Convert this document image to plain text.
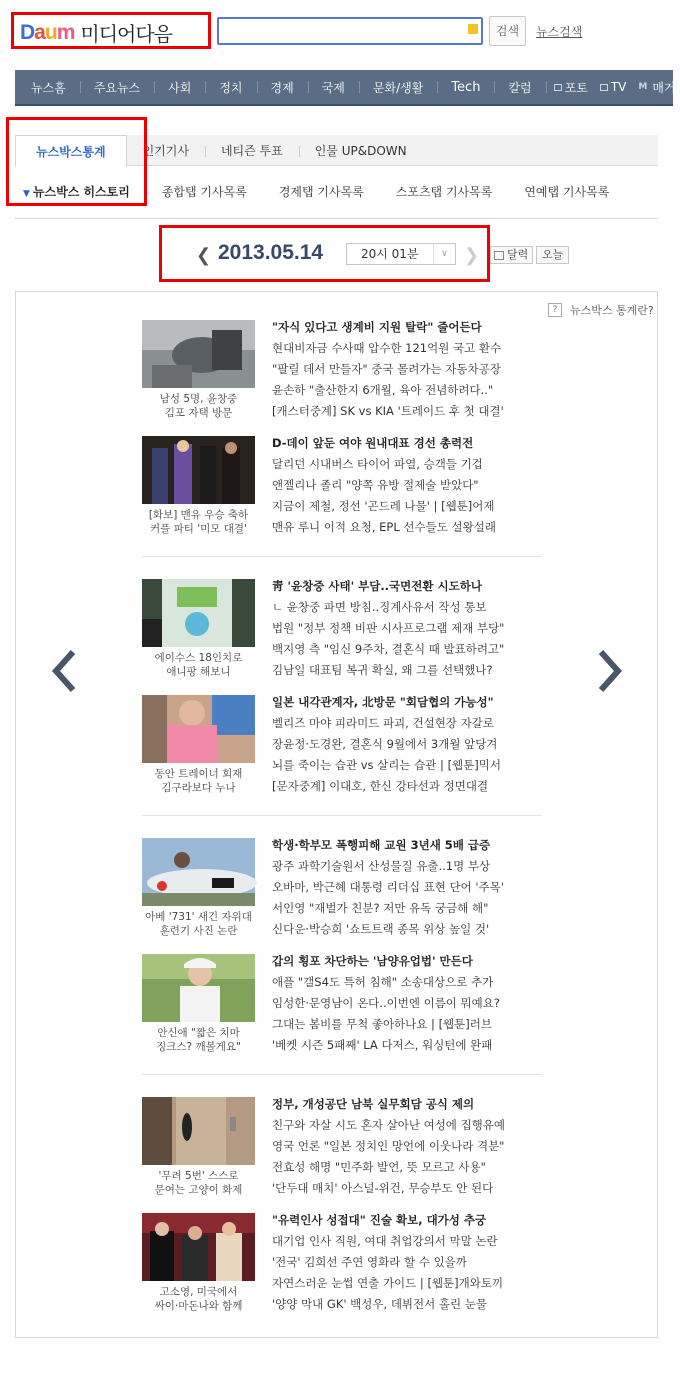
Daum 미디어다음	검색	뉴스검색
뉴스홈 주요뉴스 사회 정치 경제 국제 문화/생활 Tech 칼럼	포토 TV M 매거
뉴스박스통계	인기기사	네티즌 투표	인물 UP&DOWN
▼ 뉴스박스 히스토리	종합탭 기사목록	경제탭 기사목록	스포츠탭 기사목록	연예탭 기사목록
❮ 2013.05.14	20시 01분	∨ ❯	달력	오늘
?	뉴스박스 통계란?
남성 5명, 윤창중
김포 자택 방문
"자식 있다고 생계비 지원 탈락" 줄어든다
현대비자금 수사때 압수한 121억원 국고 환수
"팔릴 데서 만들자" 중국 몰려가는 자동차공장
윤손하 "출산한지 6개월, 육아 전념하려다.."
[캐스터중계] SK vs KIA '트레이드 후 첫 대결'
[화보] 맨유 우승 축하
커플 파티 '미모 대결'
D-데이 앞둔 여야 원내대표 경선 총력전
달리던 시내버스 타이어 파열, 승객들 기겁
앤젤리나 졸리 "양쪽 유방 절제술 받았다"
지금이 제철, 정선 '곤드레 나물' | [웹툰]어제
맨유 루니 이적 요청, EPL 선수들도 설왕설래
에이수스 18인치로
애니팡 해보니
靑 '윤창중 사태' 부담..국면전환 시도하나
ㄴ 윤창중 파면 방침..징계사유서 작성 통보
법원 "정부 정책 비판 시사프로그램 제재 부당"
백지영 측 "임신 9주차, 결혼식 때 발표하려고"
김남일 대표팀 복귀 확실, 왜 그를 선택했나?
동안 트레이너 회재
김구라보다 누나
일본 내각관계자, 北방문 "회담협의 가능성"
벨리즈 마야 피라미드 파괴, 건설현장 자갈로
장윤정·도경완, 결혼식 9월에서 3개월 앞당겨
뇌를 죽이는 습관 vs 살리는 습관 | [웹툰]믹서
[문자중계] 이대호, 한신 강타선과 정면대결
아베 '731' 새긴 자위대
훈련기 사진 논란
학생·학부모 폭행피해 교원 3년새 5배 급증
광주 과학기술원서 산성물질 유출..1명 부상
오바마, 박근혜 대통령 리더십 표현 단어 '주목'
서인영 "재벌가 친분? 저만 유독 궁금해 해"
신다운·박승희 '쇼트트랙 종목 위상 높일 것'
안신애 "짧은 치마
징크스? 깨볼게요"
갑의 횡포 차단하는 '남양유업법' 만든다
애플 "갤S4도 특허 침해" 소송대상으로 추가
임성한·문영남이 온다..이번엔 이름이 뭐예요?
그대는 봄비를 무척 좋아하나요 | [웹툰]러브
'베켓 시즌 5패째' LA 다저스, 워싱턴에 완패
'무려 5번' 스스로
문여는 고양이 화제
정부, 개성공단 남북 실무회담 공식 제의
친구와 자살 시도 혼자 살아난 여성에 집행유예
영국 언론 "일본 정치인 망언에 이웃나라 격분"
전효성 해명 "민주화 발언, 뜻 모르고 사용"
'단두대 매치' 아스널-위건, 무승부도 안 된다
고소영, 미국에서
싸이·마돈나와 함께
"유력인사 성접대" 진술 확보, 대가성 추궁
대기업 인사 직원, 여대 취업강의서 막말 논란
'전국' 김희선 주연 영화라 할 수 있을까
자연스러운 눈썹 연출 가이드 | [웹툰]개와토끼
'양양 막내 GK' 백성우, 데뷔전서 홀린 눈물
